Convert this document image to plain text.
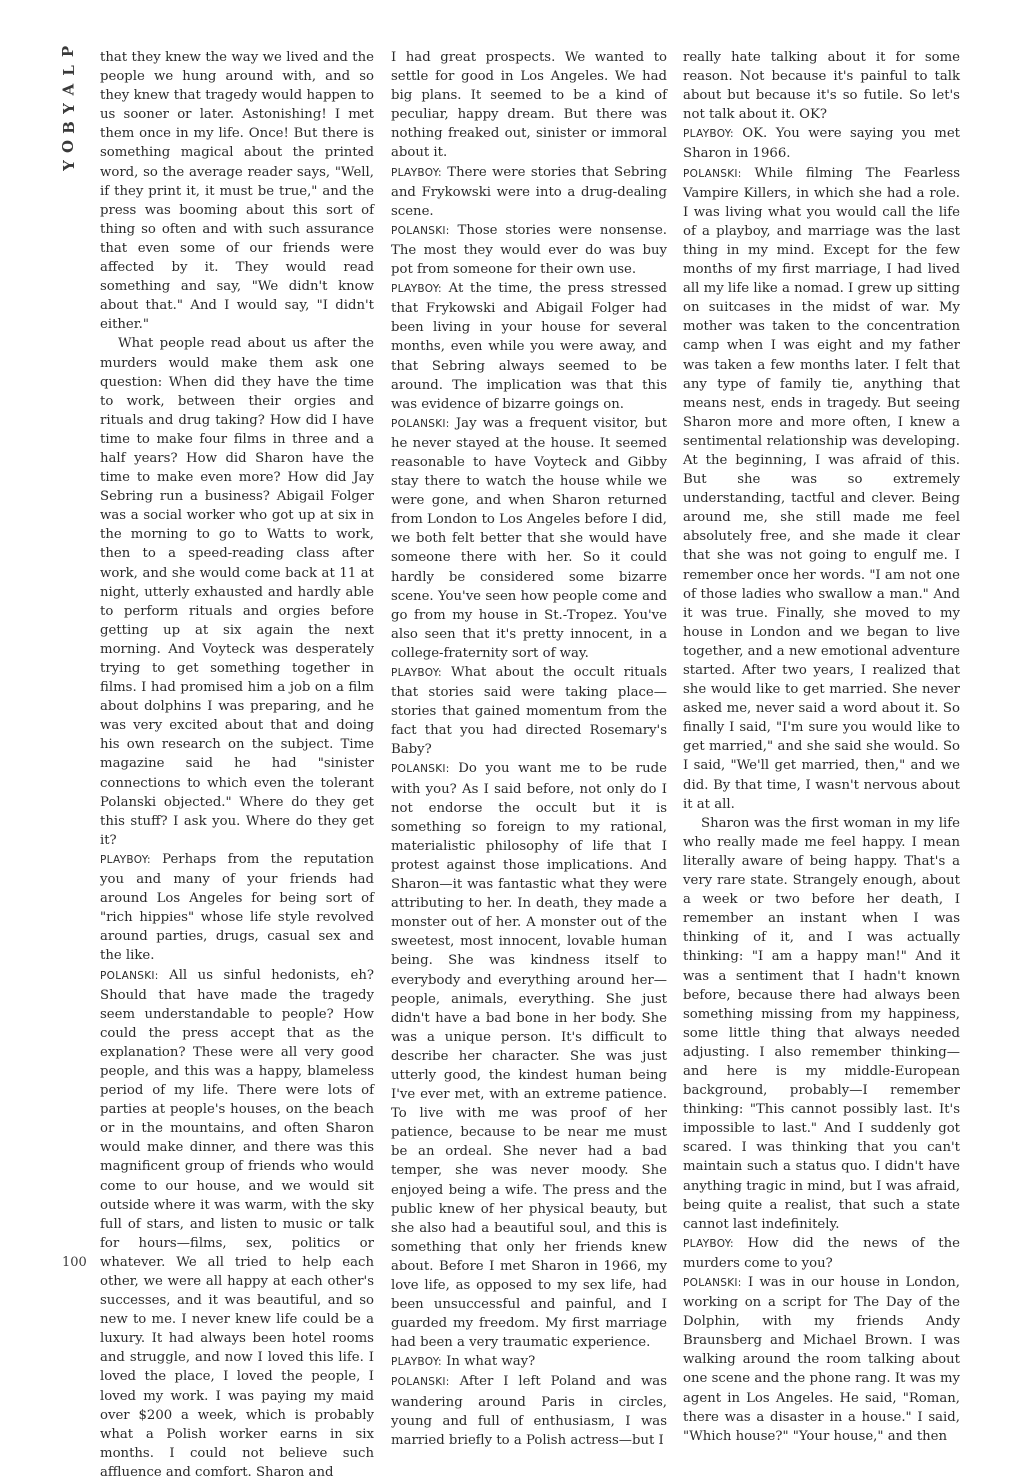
P
L
A
Y
B
O
Y
100

that they knew the way we lived and the people we hung around with, and so they knew that tragedy would happen to us sooner or later. Astonishing! I met them once in my life. Once! But there is something magical about the printed word, so the average reader says, "Well, if they print it, it must be true," and the press was booming about this sort of thing so often and with such assurance that even some of our friends were affected by it. They would read something and say, "We didn't know about that." And I would say, "I didn't either."

What people read about us after the murders would make them ask one question: When did they have the time to work, between their orgies and rituals and drug taking? How did I have time to make four films in three and a half years? How did Sharon have the time to make even more? How did Jay Sebring run a business? Abigail Folger was a social worker who got up at six in the morning to go to Watts to work, then to a speed-reading class after work, and she would come back at 11 at night, utterly exhausted and hardly able to perform rituals and orgies before getting up at six again the next morning. And Voyteck was desperately trying to get something together in films. I had promised him a job on a film about dolphins I was preparing, and he was very excited about that and doing his own research on the subject. Time magazine said he had "sinister connections to which even the tolerant Polanski objected." Where do they get this stuff? I ask you. Where do they get it?

PLAYBOY: Perhaps from the reputation you and many of your friends had around Los Angeles for being sort of "rich hippies" whose life style revolved around parties, drugs, casual sex and the like.

POLANSKI: All us sinful hedonists, eh? Should that have made the tragedy seem understandable to people? How could the press accept that as the explanation? These were all very good people, and this was a happy, blameless period of my life. There were lots of parties at people's houses, on the beach or in the mountains, and often Sharon would make dinner, and there was this magnificent group of friends who would come to our house, and we would sit outside where it was warm, with the sky full of stars, and listen to music or talk for hours—films, sex, politics or whatever. We all tried to help each other, we were all happy at each other's successes, and it was beautiful, and so new to me. I never knew life could be a luxury. It had always been hotel rooms and struggle, and now I loved this life. I loved the place, I loved the people, I loved my work. I was paying my maid over $200 a week, which is probably what a Polish worker earns in six months. I could not believe such affluence and comfort. Sharon and

I had great prospects. We wanted to settle for good in Los Angeles. We had big plans. It seemed to be a kind of peculiar, happy dream. But there was nothing freaked out, sinister or immoral about it.

PLAYBOY: There were stories that Sebring and Frykowski were into a drug-dealing scene.

POLANSKI: Those stories were nonsense. The most they would ever do was buy pot from someone for their own use.

PLAYBOY: At the time, the press stressed that Frykowski and Abigail Folger had been living in your house for several months, even while you were away, and that Sebring always seemed to be around. The implication was that this was evidence of bizarre goings on.

POLANSKI: Jay was a frequent visitor, but he never stayed at the house. It seemed reasonable to have Voyteck and Gibby stay there to watch the house while we were gone, and when Sharon returned from London to Los Angeles before I did, we both felt better that she would have someone there with her. So it could hardly be considered some bizarre scene. You've seen how people come and go from my house in St.-Tropez. You've also seen that it's pretty innocent, in a college-fraternity sort of way.

PLAYBOY: What about the occult rituals that stories said were taking place—stories that gained momentum from the fact that you had directed Rosemary's Baby?

POLANSKI: Do you want me to be rude with you? As I said before, not only do I not endorse the occult but it is something so foreign to my rational, materialistic philosophy of life that I protest against those implications. And Sharon—it was fantastic what they were attributing to her. In death, they made a monster out of her. A monster out of the sweetest, most innocent, lovable human being. She was kindness itself to everybody and everything around her—people, animals, everything. She just didn't have a bad bone in her body. She was a unique person. It's difficult to describe her character. She was just utterly good, the kindest human being I've ever met, with an extreme patience. To live with me was proof of her patience, because to be near me must be an ordeal. She never had a bad temper, she was never moody. She enjoyed being a wife. The press and the public knew of her physical beauty, but she also had a beautiful soul, and this is something that only her friends knew about. Before I met Sharon in 1966, my love life, as opposed to my sex life, had been unsuccessful and painful, and I guarded my freedom. My first marriage had been a very traumatic experience.

PLAYBOY: In what way?

POLANSKI: After I left Poland and was wandering around Paris in circles, young and full of enthusiasm, I was married briefly to a Polish actress—but I

really hate talking about it for some reason. Not because it's painful to talk about but because it's so futile. So let's not talk about it. OK?

PLAYBOY: OK. You were saying you met Sharon in 1966.

POLANSKI: While filming The Fearless Vampire Killers, in which she had a role. I was living what you would call the life of a playboy, and marriage was the last thing in my mind. Except for the few months of my first marriage, I had lived all my life like a nomad. I grew up sitting on suitcases in the midst of war. My mother was taken to the concentration camp when I was eight and my father was taken a few months later. I felt that any type of family tie, anything that means nest, ends in tragedy. But seeing Sharon more and more often, I knew a sentimental relationship was developing. At the beginning, I was afraid of this. But she was so extremely understanding, tactful and clever. Being around me, she still made me feel absolutely free, and she made it clear that she was not going to engulf me. I remember once her words. "I am not one of those ladies who swallow a man." And it was true. Finally, she moved to my house in London and we began to live together, and a new emotional adventure started. After two years, I realized that she would like to get married. She never asked me, never said a word about it. So finally I said, "I'm sure you would like to get married," and she said she would. So I said, "We'll get married, then," and we did. By that time, I wasn't nervous about it at all.

Sharon was the first woman in my life who really made me feel happy. I mean literally aware of being happy. That's a very rare state. Strangely enough, about a week or two before her death, I remember an instant when I was thinking of it, and I was actually thinking: "I am a happy man!" And it was a sentiment that I hadn't known before, because there had always been something missing from my happiness, some little thing that always needed adjusting. I also remember thinking—and here is my middle-European background, probably—I remember thinking: "This cannot possibly last. It's impossible to last." And I suddenly got scared. I was thinking that you can't maintain such a status quo. I didn't have anything tragic in mind, but I was afraid, being quite a realist, that such a state cannot last indefinitely.

PLAYBOY: How did the news of the murders come to you?

POLANSKI: I was in our house in London, working on a script for The Day of the Dolphin, with my friends Andy Braunsberg and Michael Brown. I was walking around the room talking about one scene and the phone rang. It was my agent in Los Angeles. He said, "Roman, there was a disaster in a house." I said, "Which house?" "Your house," and then
